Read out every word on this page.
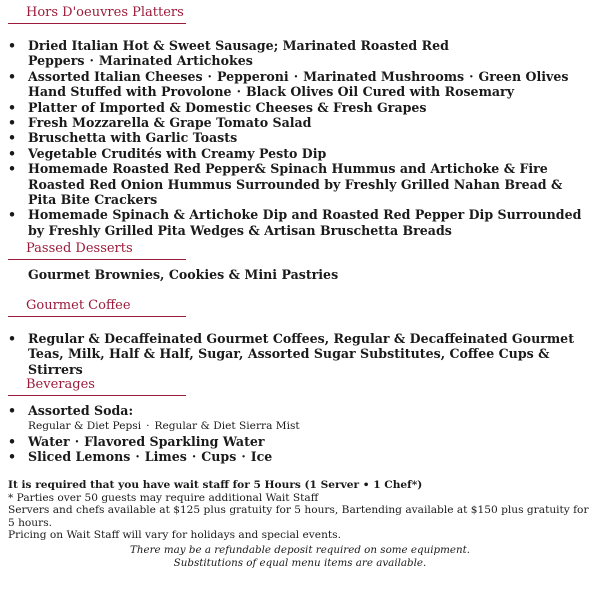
Hors D'oeuvres Platters
• Dried Italian Hot & Sweet Sausage; Marinated Roasted Red Peppers · Marinated Artichokes
• Assorted Italian Cheeses · Pepperoni · Marinated Mushrooms · Green Olives Hand Stuffed with Provolone · Black Olives Oil Cured with Rosemary
• Platter of Imported & Domestic Cheeses & Fresh Grapes
• Fresh Mozzarella & Grape Tomato Salad
• Bruschetta with Garlic Toasts
• Vegetable Crudités with Creamy Pesto Dip
• Homemade Roasted Red Pepper& Spinach Hummus and Artichoke & Fire Roasted Red Onion Hummus Surrounded by Freshly Grilled Nahan Bread & Pita Bite Crackers
• Homemade Spinach & Artichoke Dip and Roasted Red Pepper Dip Surrounded by Freshly Grilled Pita Wedges & Artisan Bruschetta Breads
Passed Desserts
Gourmet Brownies, Cookies & Mini Pastries
Gourmet Coffee
• Regular & Decaffeinated Gourmet Coffees, Regular & Decaffeinated Gourmet Teas, Milk, Half & Half, Sugar, Assorted Sugar Substitutes, Coffee Cups & Stirrers
Beverages
• Assorted Soda:
Regular & Diet Pepsi · Regular & Diet Sierra Mist
• Water · Flavored Sparkling Water
• Sliced Lemons · Limes · Cups · Ice
It is required that you have wait staff for 5 Hours (1 Server • 1 Chef*)
* Parties over 50 guests may require additional Wait Staff
Servers and chefs available at $125 plus gratuity for 5 hours, Bartending available at $150 plus gratuity for 5 hours.
Pricing on Wait Staff will vary for holidays and special events.
There may be a refundable deposit required on some equipment.
Substitutions of equal menu items are available.
